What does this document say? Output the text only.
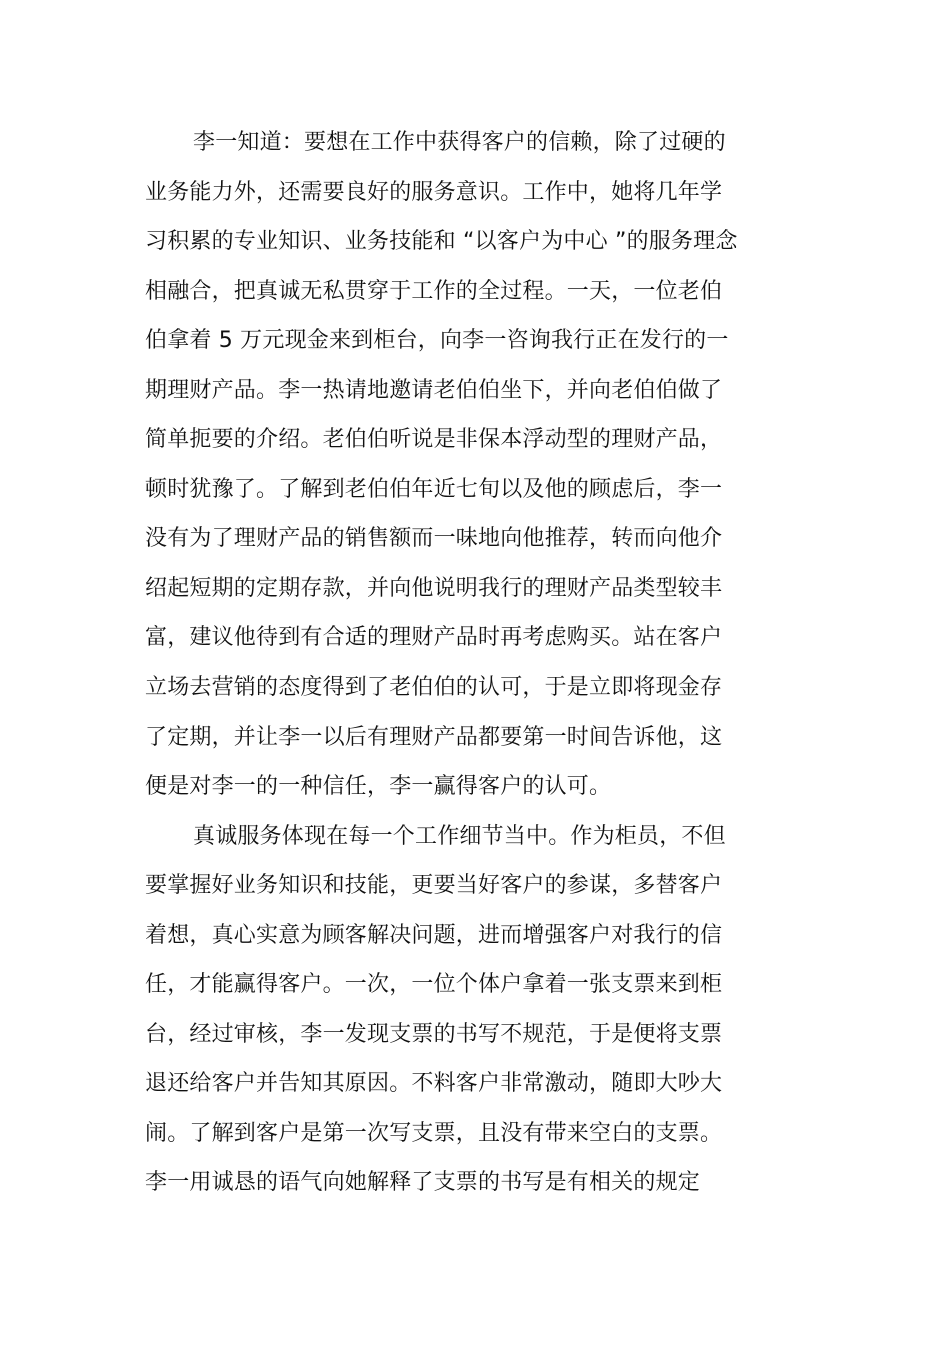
李一知道：要想在工作中获得客户的信赖，除了过硬的
业务能力外，还需要良好的服务意识。工作中，她将几年学
习积累的专业知识、业务技能和 “以客户为中心 ”的服务理念
相融合，把真诚无私贯穿于工作的全过程。一天，一位老伯
伯拿着 5 万元现金来到柜台，向李一咨询我行正在发行的一
期理财产品。李一热请地邀请老伯伯坐下，并向老伯伯做了
简单扼要的介绍。老伯伯听说是非保本浮动型的理财产品，
顿时犹豫了。了解到老伯伯年近七旬以及他的顾虑后，李一
没有为了理财产品的销售额而一味地向他推荐，转而向他介
绍起短期的定期存款，并向他说明我行的理财产品类型较丰
富，建议他待到有合适的理财产品时再考虑购买。站在客户
立场去营销的态度得到了老伯伯的认可，于是立即将现金存
了定期，并让李一以后有理财产品都要第一时间告诉他，这
便是对李一的一种信任，李一赢得客户的认可。
真诚服务体现在每一个工作细节当中。作为柜员，不但
要掌握好业务知识和技能，更要当好客户的参谋，多替客户
着想，真心实意为顾客解决问题，进而增强客户对我行的信
任，才能赢得客户。一次，一位个体户拿着一张支票来到柜
台，经过审核，李一发现支票的书写不规范，于是便将支票
退还给客户并告知其原因。不料客户非常激动，随即大吵大
闹。了解到客户是第一次写支票，且没有带来空白的支票。
李一用诚恳的语气向她解释了支票的书写是有相关的规定
